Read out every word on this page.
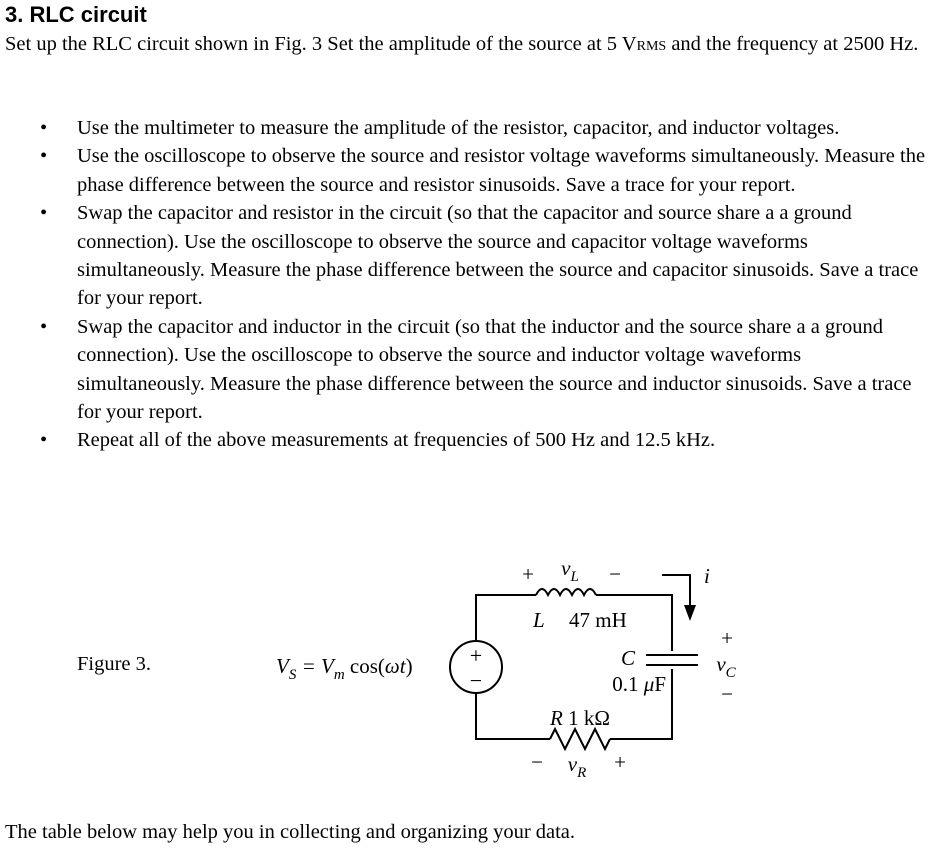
3. RLC circuit

Set up the RLC circuit shown in Fig. 3 Set the amplitude of the source at 5 VRMS and the frequency at 2500 Hz.

• Use the multimeter to measure the amplitude of the resistor, capacitor, and inductor voltages.
• Use the oscilloscope to observe the source and resistor voltage waveforms simultaneously. Measure the phase difference between the source and resistor sinusoids. Save a trace for your report.
• Swap the capacitor and resistor in the circuit (so that the capacitor and source share a a ground connection). Use the oscilloscope to observe the source and capacitor voltage waveforms simultaneously. Measure the phase difference between the source and capacitor sinusoids. Save a trace for your report.
• Swap the capacitor and inductor in the circuit (so that the inductor and the source share a a ground connection). Use the oscilloscope to observe the source and inductor voltage waveforms simultaneously. Measure the phase difference between the source and inductor sinusoids. Save a trace for your report.
• Repeat all of the above measurements at frequencies of 500 Hz and 12.5 kHz.
Figure 3.	$V_S = V_m$ cos(ωt)	+
−
+ $v_L$ −
L 47 mH
C
0.1 μF
+
$v_C$
−
R 1 kΩ
− $v_R$ +
i

The table below may help you in collecting and organizing your data.
